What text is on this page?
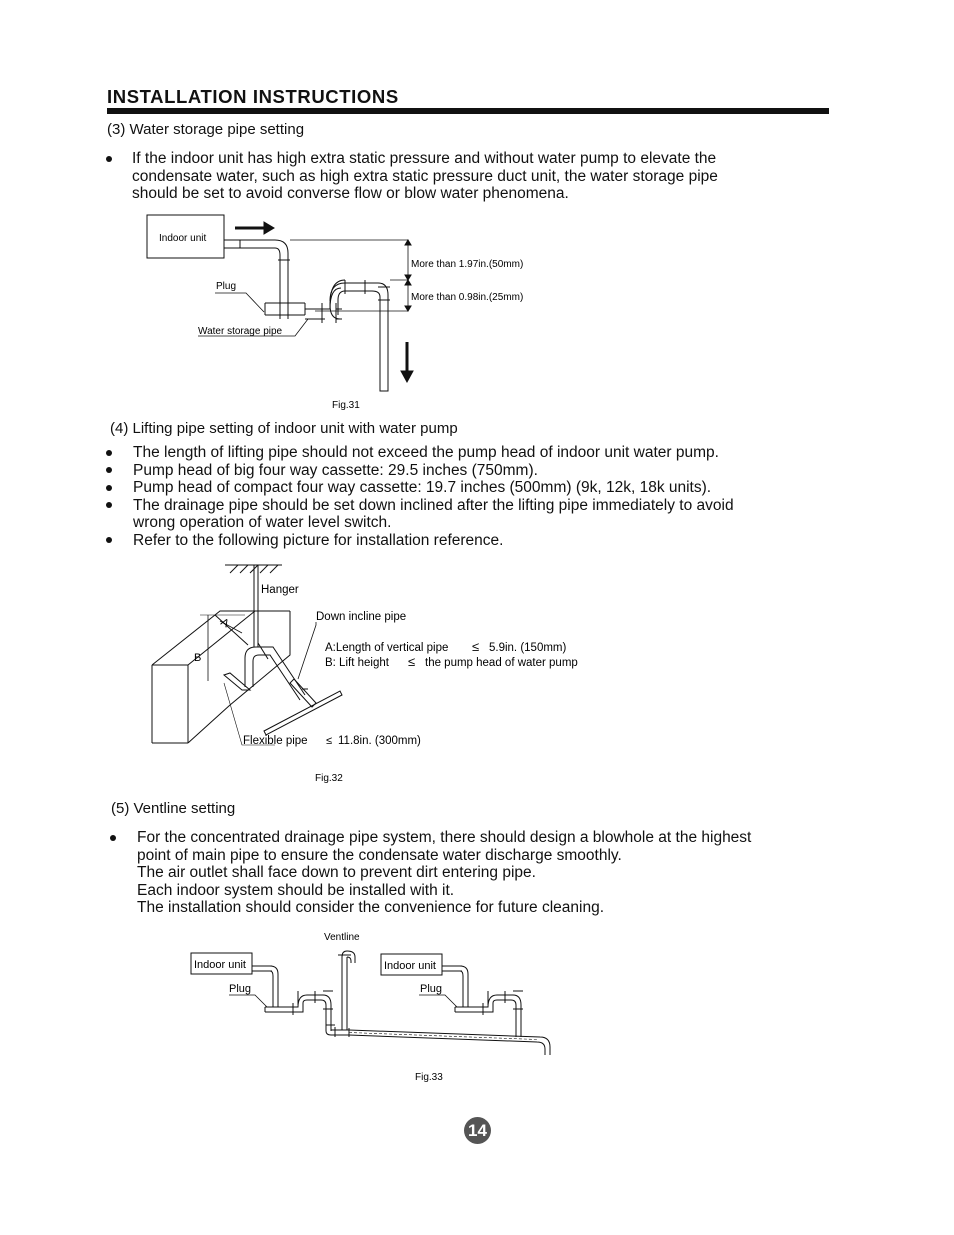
INSTALLATION INSTRUCTIONS
(3) Water storage pipe setting
If the indoor unit has high extra static pressure and without water pump to elevate the
condensate water, such as high extra static pressure duct unit, the water storage pipe
should be set to avoid converse flow or blow water phenomena.
Indoor unit
Plug
Water storage pipe
More than 1.97in.(50mm)
More than 0.98in.(25mm)
Fig.31
(4) Lifting pipe setting of indoor unit with water pump
The length of lifting pipe should not exceed the pump head of indoor unit water pump.
Pump head of big four way cassette: 29.5 inches (750mm).
Pump head of compact four way cassette: 19.7 inches (500mm) (9k, 12k, 18k units).
The drainage pipe should be set down inclined after the lifting pipe immediately to avoid
wrong operation of water level switch.
Refer to the following picture for installation reference.
Hanger
Down incline pipe
A
B
A:Length of vertical pipe ≤ 5.9in. (150mm)
B: Lift height ≤ the pump head of water pump
Flexible pipe ≤ 11.8in. (300mm)
Fig.32
(5) Ventline setting
For the concentrated drainage pipe system, there should design a blowhole at the highest
point of main pipe to ensure the condensate water discharge smoothly.
The air outlet shall face down to prevent dirt entering pipe.
Each indoor system should be installed with it.
The installation should consider the convenience for future cleaning.
Ventline
Indoor unit	Indoor unit
Plug	Plug
Fig.33
14
